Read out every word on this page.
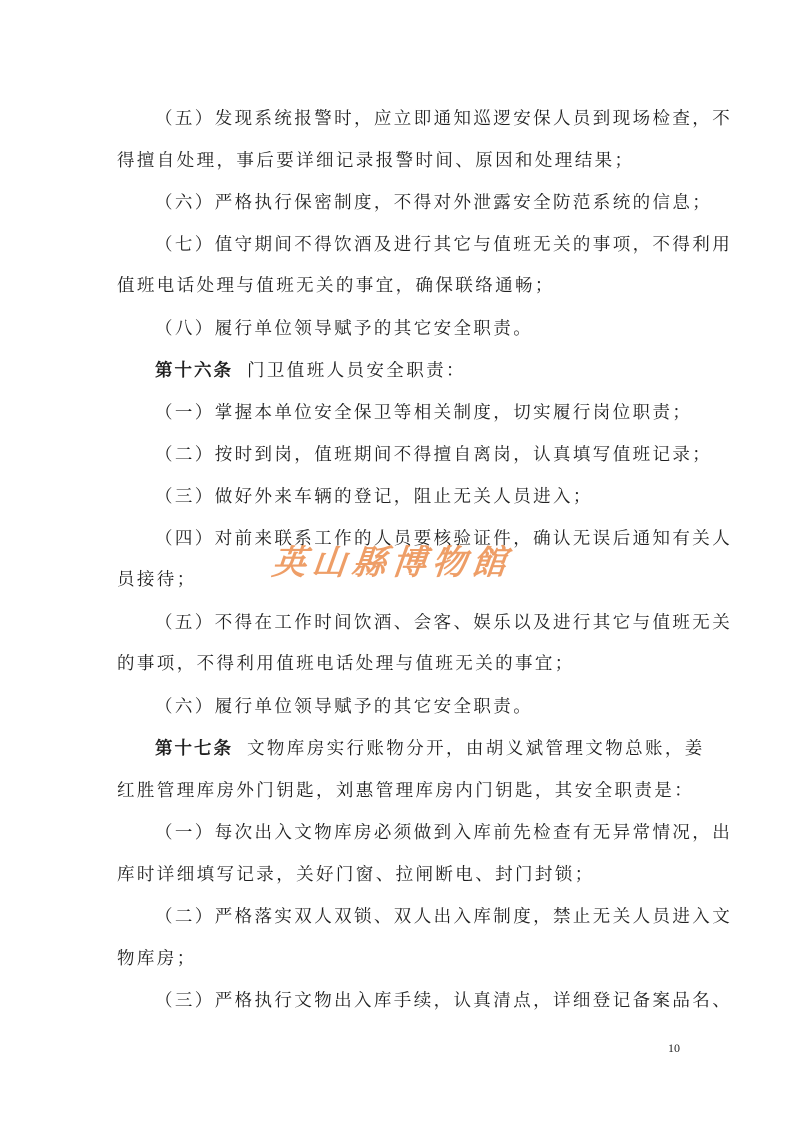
（五）发现系统报警时，应立即通知巡逻安保人员到现场检查，不
得擅自处理，事后要详细记录报警时间、原因和处理结果；
（六）严格执行保密制度，不得对外泄露安全防范系统的信息；
（七）值守期间不得饮酒及进行其它与值班无关的事项，不得利用
值班电话处理与值班无关的事宜，确保联络通畅；
（八）履行单位领导赋予的其它安全职责。
第十六条 门卫值班人员安全职责：
（一）掌握本单位安全保卫等相关制度，切实履行岗位职责；
（二）按时到岗，值班期间不得擅自离岗，认真填写值班记录；
（三）做好外来车辆的登记，阻止无关人员进入；
（四）对前来联系工作的人员要核验证件，确认无误后通知有关人
员接待；
（五）不得在工作时间饮酒、会客、娱乐以及进行其它与值班无关
的事项，不得利用值班电话处理与值班无关的事宜；
（六）履行单位领导赋予的其它安全职责。
第十七条 文物库房实行账物分开，由胡义斌管理文物总账，姜
红胜管理库房外门钥匙，刘惠管理库房内门钥匙，其安全职责是：
（一）每次出入文物库房必须做到入库前先检查有无异常情况，出
库时详细填写记录，关好门窗、拉闸断电、封门封锁；
（二）严格落实双人双锁、双人出入库制度，禁止无关人员进入文
物库房；
（三）严格执行文物出入库手续，认真清点，详细登记备案品名、
10
英山縣博物館
